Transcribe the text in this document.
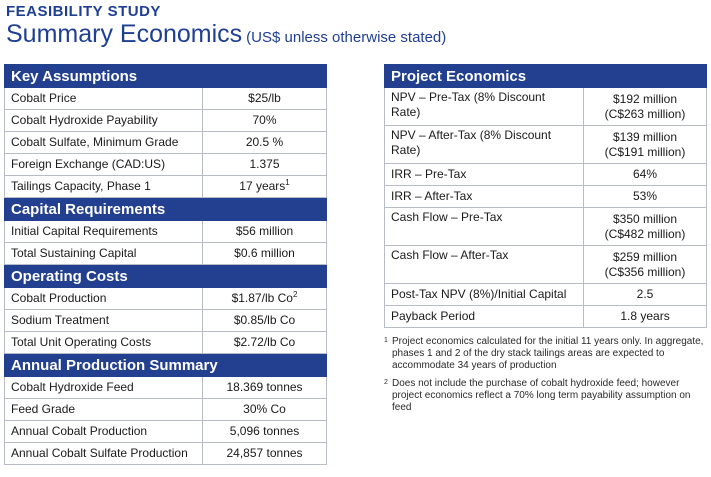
FEASIBILITY STUDY
Summary Economics (US$ unless otherwise stated)
Key Assumptions	
Cobalt Price	$25/lb
Cobalt Hydroxide Payability	70%
Cobalt Sulfate, Minimum Grade	20.5 %
Foreign Exchange (CAD:US)	1.375
Tailings Capacity, Phase 1	17 years$^1$
Capital Requirements	
Initial Capital Requirements	$56 million
Total Sustaining Capital	$0.6 million
Operating Costs	
Cobalt Production	$1.87/lb Co$^2$
Sodium Treatment	$0.85/lb Co
Total Unit Operating Costs	$2.72/lb Co
Annual Production Summary	
Cobalt Hydroxide Feed	18.369 tonnes
Feed Grade	30% Co
Annual Cobalt Production	5,096 tonnes
Annual Cobalt Sulfate Production	24,857 tonnes
Project Economics	
NPV – Pre-Tax (8% Discount Rate)	$192 million
(C$263 million)

NPV – After-Tax (8% Discount Rate)	$139 million
(C$191 million)

IRR – Pre-Tax	64%

IRR – After-Tax	53%

Cash Flow – Pre-Tax	$350 million
(C$482 million)

Cash Flow – After-Tax	$259 million
(C$356 million)

Post-Tax NPV (8%)/Initial Capital	2.5

Payback Period	1.8 years
1 Project economics calculated for the initial 11 years only. In aggregate, phases 1 and 2 of the dry stack tailings areas are expected to accommodate 34 years of production
2 Does not include the purchase of cobalt hydroxide feed; however project economics reflect a 70% long term payability assumption on feed
